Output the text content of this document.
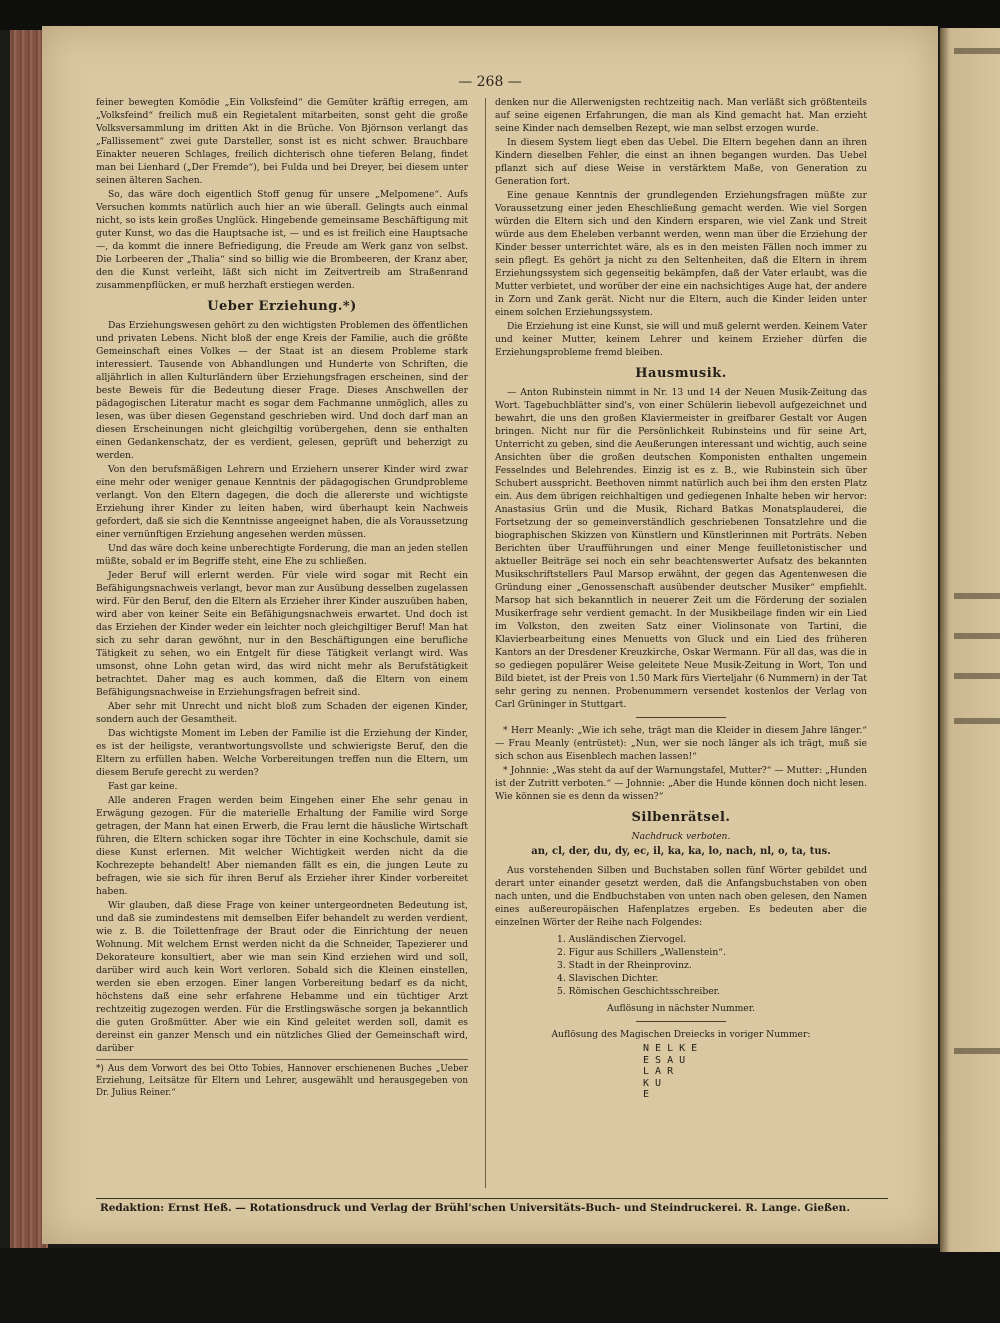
— 268 —

feiner bewegten Komödie „Ein Volksfeind“ die Gemüter kräftig erregen, am „Volksfeind“ freilich muß ein Regietalent mitarbeiten, sonst geht die große Volksversammlung im dritten Akt in die Brüche. Von Björnson verlangt das „Fallissement“ zwei gute Darsteller, sonst ist es nicht schwer. Brauchbare Einakter neueren Schlages, freilich dichterisch ohne tieferen Belang, findet man bei Lienhard („Der Fremde“), bei Fulda und bei Dreyer, bei diesem unter seinen älteren Sachen.

So, das wäre doch eigentlich Stoff genug für unsere „Melpomene“. Aufs Versuchen kommts natürlich auch hier an wie überall. Gelingts auch einmal nicht, so ists kein großes Unglück. Hingebende gemeinsame Beschäftigung mit guter Kunst, wo das die Hauptsache ist, — und es ist freilich eine Hauptsache —, da kommt die innere Befriedigung, die Freude am Werk ganz von selbst. Die Lorbeeren der „Thalia“ sind so billig wie die Brombeeren, der Kranz aber, den die Kunst verleiht, läßt sich nicht im Zeitvertreib am Straßenrand zusammenpflücken, er muß herzhaft erstiegen werden.

Ueber Erziehung.*)

Das Erziehungswesen gehört zu den wichtigsten Problemen des öffentlichen und privaten Lebens. Nicht bloß der enge Kreis der Familie, auch die größte Gemeinschaft eines Volkes — der Staat ist an diesem Probleme stark interessiert. Tausende von Abhandlungen und Hunderte von Schriften, die alljährlich in allen Kulturländern über Erziehungsfragen erscheinen, sind der beste Beweis für die Bedeutung dieser Frage. Dieses Anschwellen der pädagogischen Literatur macht es sogar dem Fachmanne unmöglich, alles zu lesen, was über diesen Gegenstand geschrieben wird. Und doch darf man an diesen Erscheinungen nicht gleichgiltig vorübergehen, denn sie enthalten einen Gedankenschatz, der es verdient, gelesen, geprüft und beherzigt zu werden.

Von den berufsmäßigen Lehrern und Erziehern unserer Kinder wird zwar eine mehr oder weniger genaue Kenntnis der pädagogischen Grundprobleme verlangt. Von den Eltern dagegen, die doch die allererste und wichtigste Erziehung ihrer Kinder zu leiten haben, wird überhaupt kein Nachweis gefordert, daß sie sich die Kenntnisse angeeignet haben, die als Voraussetzung einer vernünftigen Erziehung angesehen werden müssen.

Und das wäre doch keine unberechtigte Forderung, die man an jeden stellen müßte, sobald er im Begriffe steht, eine Ehe zu schließen.

Jeder Beruf will erlernt werden. Für viele wird sogar mit Recht ein Befähigungsnachweis verlangt, bevor man zur Ausübung desselben zugelassen wird. Für den Beruf, den die Eltern als Erzieher ihrer Kinder auszuüben haben, wird aber von keiner Seite ein Befähigungsnachweis erwartet. Und doch ist das Erziehen der Kinder weder ein leichter noch gleichgiltiger Beruf! Man hat sich zu sehr daran gewöhnt, nur in den Beschäftigungen eine berufliche Tätigkeit zu sehen, wo ein Entgelt für diese Tätigkeit verlangt wird. Was umsonst, ohne Lohn getan wird, das wird nicht mehr als Berufstätigkeit betrachtet. Daher mag es auch kommen, daß die Eltern von einem Befähigungsnachweise in Erziehungsfragen befreit sind.

Aber sehr mit Unrecht und nicht bloß zum Schaden der eigenen Kinder, sondern auch der Gesamtheit.

Das wichtigste Moment im Leben der Familie ist die Erziehung der Kinder, es ist der heiligste, verantwortungsvollste und schwierigste Beruf, den die Eltern zu erfüllen haben. Welche Vorbereitungen treffen nun die Eltern, um diesem Berufe gerecht zu werden?

Fast gar keine.

Alle anderen Fragen werden beim Eingehen einer Ehe sehr genau in Erwägung gezogen. Für die materielle Erhaltung der Familie wird Sorge getragen, der Mann hat einen Erwerb, die Frau lernt die häusliche Wirtschaft führen, die Eltern schicken sogar ihre Töchter in eine Kochschule, damit sie diese Kunst erlernen. Mit welcher Wichtigkeit werden nicht da die Kochrezepte behandelt! Aber niemanden fällt es ein, die jungen Leute zu befragen, wie sie sich für ihren Beruf als Erzieher ihrer Kinder vorbereitet haben.

Wir glauben, daß diese Frage von keiner untergeordneten Bedeutung ist, und daß sie zumindestens mit demselben Eifer behandelt zu werden verdient, wie z. B. die Toilettenfrage der Braut oder die Einrichtung der neuen Wohnung. Mit welchem Ernst werden nicht da die Schneider, Tapezierer und Dekorateure konsultiert, aber wie man sein Kind erziehen wird und soll, darüber wird auch kein Wort verloren. Sobald sich die Kleinen einstellen, werden sie eben erzogen. Einer langen Vorbereitung bedarf es da nicht, höchstens daß eine sehr erfahrene Hebamme und ein tüchtiger Arzt rechtzeitig zugezogen werden. Für die Erstlingswäsche sorgen ja bekanntlich die guten Großmütter. Aber wie ein Kind geleitet werden soll, damit es dereinst ein ganzer Mensch und ein nützliches Glied der Gemeinschaft wird, darüber

*) Aus dem Vorwort des bei Otto Tobies, Hannover erschienenen Buches „Ueber Erziehung, Leitsätze für Eltern und Lehrer, ausgewählt und herausgegeben von Dr. Julius Reiner.“

denken nur die Allerwenigsten rechtzeitig nach. Man verläßt sich größtenteils auf seine eigenen Erfahrungen, die man als Kind gemacht hat. Man erzieht seine Kinder nach demselben Rezept, wie man selbst erzogen wurde.

In diesem System liegt eben das Uebel. Die Eltern begehen dann an ihren Kindern dieselben Fehler, die einst an ihnen begangen wurden. Das Uebel pflanzt sich auf diese Weise in verstärktem Maße, von Generation zu Generation fort.

Eine genaue Kenntnis der grundlegenden Erziehungsfragen müßte zur Voraussetzung einer jeden Eheschließung gemacht werden. Wie viel Sorgen würden die Eltern sich und den Kindern ersparen, wie viel Zank und Streit würde aus dem Eheleben verbannt werden, wenn man über die Erziehung der Kinder besser unterrichtet wäre, als es in den meisten Fällen noch immer zu sein pflegt. Es gehört ja nicht zu den Seltenheiten, daß die Eltern in ihrem Erziehungssystem sich gegenseitig bekämpfen, daß der Vater erlaubt, was die Mutter verbietet, und worüber der eine ein nachsichtiges Auge hat, der andere in Zorn und Zank gerät. Nicht nur die Eltern, auch die Kinder leiden unter einem solchen Erziehungssystem.

Die Erziehung ist eine Kunst, sie will und muß gelernt werden. Keinem Vater und keiner Mutter, keinem Lehrer und keinem Erzieher dürfen die Erziehungsprobleme fremd bleiben.

Hausmusik.

— Anton Rubinstein nimmt in Nr. 13 und 14 der Neuen Musik-Zeitung das Wort. Tagebuchblätter sind's, von einer Schülerin liebevoll aufgezeichnet und bewahrt, die uns den großen Klaviermeister in greifbarer Gestalt vor Augen bringen. Nicht nur für die Persönlichkeit Rubinsteins und für seine Art, Unterricht zu geben, sind die Aeußerungen interessant und wichtig, auch seine Ansichten über die großen deutschen Komponisten enthalten ungemein Fesselndes und Belehrendes. Einzig ist es z. B., wie Rubinstein sich über Schubert ausspricht. Beethoven nimmt natürlich auch bei ihm den ersten Platz ein. Aus dem übrigen reichhaltigen und gediegenen Inhalte heben wir hervor: Anastasius Grün und die Musik, Richard Batkas Monatsplauderei, die Fortsetzung der so gemeinverständlich geschriebenen Tonsatzlehre und die biographischen Skizzen von Künstlern und Künstlerinnen mit Porträts. Neben Berichten über Uraufführungen und einer Menge feuilletonistischer und aktueller Beiträge sei noch ein sehr beachtenswerter Aufsatz des bekannten Musikschriftstellers Paul Marsop erwähnt, der gegen das Agentenwesen die Gründung einer „Genossenschaft ausübender deutscher Musiker“ empfiehlt. Marsop hat sich bekanntlich in neuerer Zeit um die Förderung der sozialen Musikerfrage sehr verdient gemacht. In der Musikbeilage finden wir ein Lied im Volkston, den zweiten Satz einer Violinsonate von Tartini, die Klavierbearbeitung eines Menuetts von Gluck und ein Lied des früheren Kantors an der Dresdener Kreuzkirche, Oskar Wermann. Für all das, was die in so gediegen populärer Weise geleitete Neue Musik-Zeitung in Wort, Ton und Bild bietet, ist der Preis von 1.50 Mark fürs Vierteljahr (6 Nummern) in der Tat sehr gering zu nennen. Probenummern versendet kostenlos der Verlag von Carl Grüninger in Stuttgart.

* Herr Meanly: „Wie ich sehe, trägt man die Kleider in diesem Jahre länger.“ — Frau Meanly (entrüstet): „Nun, wer sie noch länger als ich trägt, muß sie sich schon aus Eisenblech machen lassen!“

* Johnnie: „Was steht da auf der Warnungstafel, Mutter?“ — Mutter: „Hunden ist der Zutritt verboten.“ — Johnnie: „Aber die Hunde können doch nicht lesen. Wie können sie es denn da wissen?“

Silbenrätsel.
Nachdruck verboten.
an, cl, der, du, dy, ec, il, ka, ka, lo, nach, nl, o, ta, tus.

Aus vorstehenden Silben und Buchstaben sollen fünf Wörter gebildet und derart unter einander gesetzt werden, daß die Anfangsbuchstaben von oben nach unten, und die Endbuchstaben von unten nach oben gelesen, den Namen eines außereuropäischen Hafenplatzes ergeben. Es bedeuten aber die einzelnen Wörter der Reihe nach Folgendes:

1. Ausländischen Ziervogel.
2. Figur aus Schillers „Wallenstein“.
3. Stadt in der Rheinprovinz.
4. Slavischen Dichter.
5. Römischen Geschichtsschreiber.
Auflösung in nächster Nummer.
Auflösung des Magischen Dreiecks in voriger Nummer:
N E L K E
E S A U
L A R
K U
E
Redaktion: Ernst Heß. — Rotationsdruck und Verlag der Brühl'schen Universitäts-Buch- und Steindruckerei. R. Lange. Gießen.
